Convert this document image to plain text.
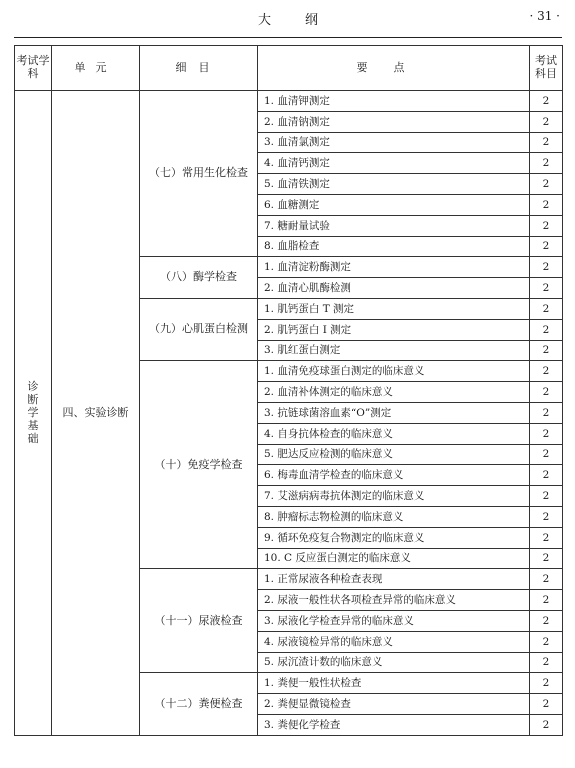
大纲	· 31 ·
考试学科	单元	细目	要点	考试科目
诊断学基础	四、实验诊断	（七）常用生化检查	1. 血清钾测定	2
			2. 血清钠测定	2
			3. 血清氯测定	2
			4. 血清钙测定	2
			5. 血清铁测定	2
			6. 血糖测定	2
			7. 糖耐量试验	2
			8. 血脂检查	2
		（八）酶学检查	1. 血清淀粉酶测定	2
			2. 血清心肌酶检测	2
		（九）心肌蛋白检测	1. 肌钙蛋白 T 测定	2
			2. 肌钙蛋白 I 测定	2
			3. 肌红蛋白测定	2
		（十）免疫学检查	1. 血清免疫球蛋白测定的临床意义	2
			2. 血清补体测定的临床意义	2
			3. 抗链球菌溶血素“O”测定	2
			4. 自身抗体检查的临床意义	2
			5. 肥达反应检测的临床意义	2
			6. 梅毒血清学检查的临床意义	2
			7. 艾滋病病毒抗体测定的临床意义	2
			8. 肿瘤标志物检测的临床意义	2
			9. 循环免疫复合物测定的临床意义	2
			10. C 反应蛋白测定的临床意义	2
		（十一）尿液检查	1. 正常尿液各种检查表现	2
			2. 尿液一般性状各项检查异常的临床意义	2
			3. 尿液化学检查异常的临床意义	2
			4. 尿液镜检异常的临床意义	2
			5. 尿沉渣计数的临床意义	2
		（十二）粪便检查	1. 粪便一般性状检查	2
			2. 粪便显微镜检查	2
			3. 粪便化学检查	2
